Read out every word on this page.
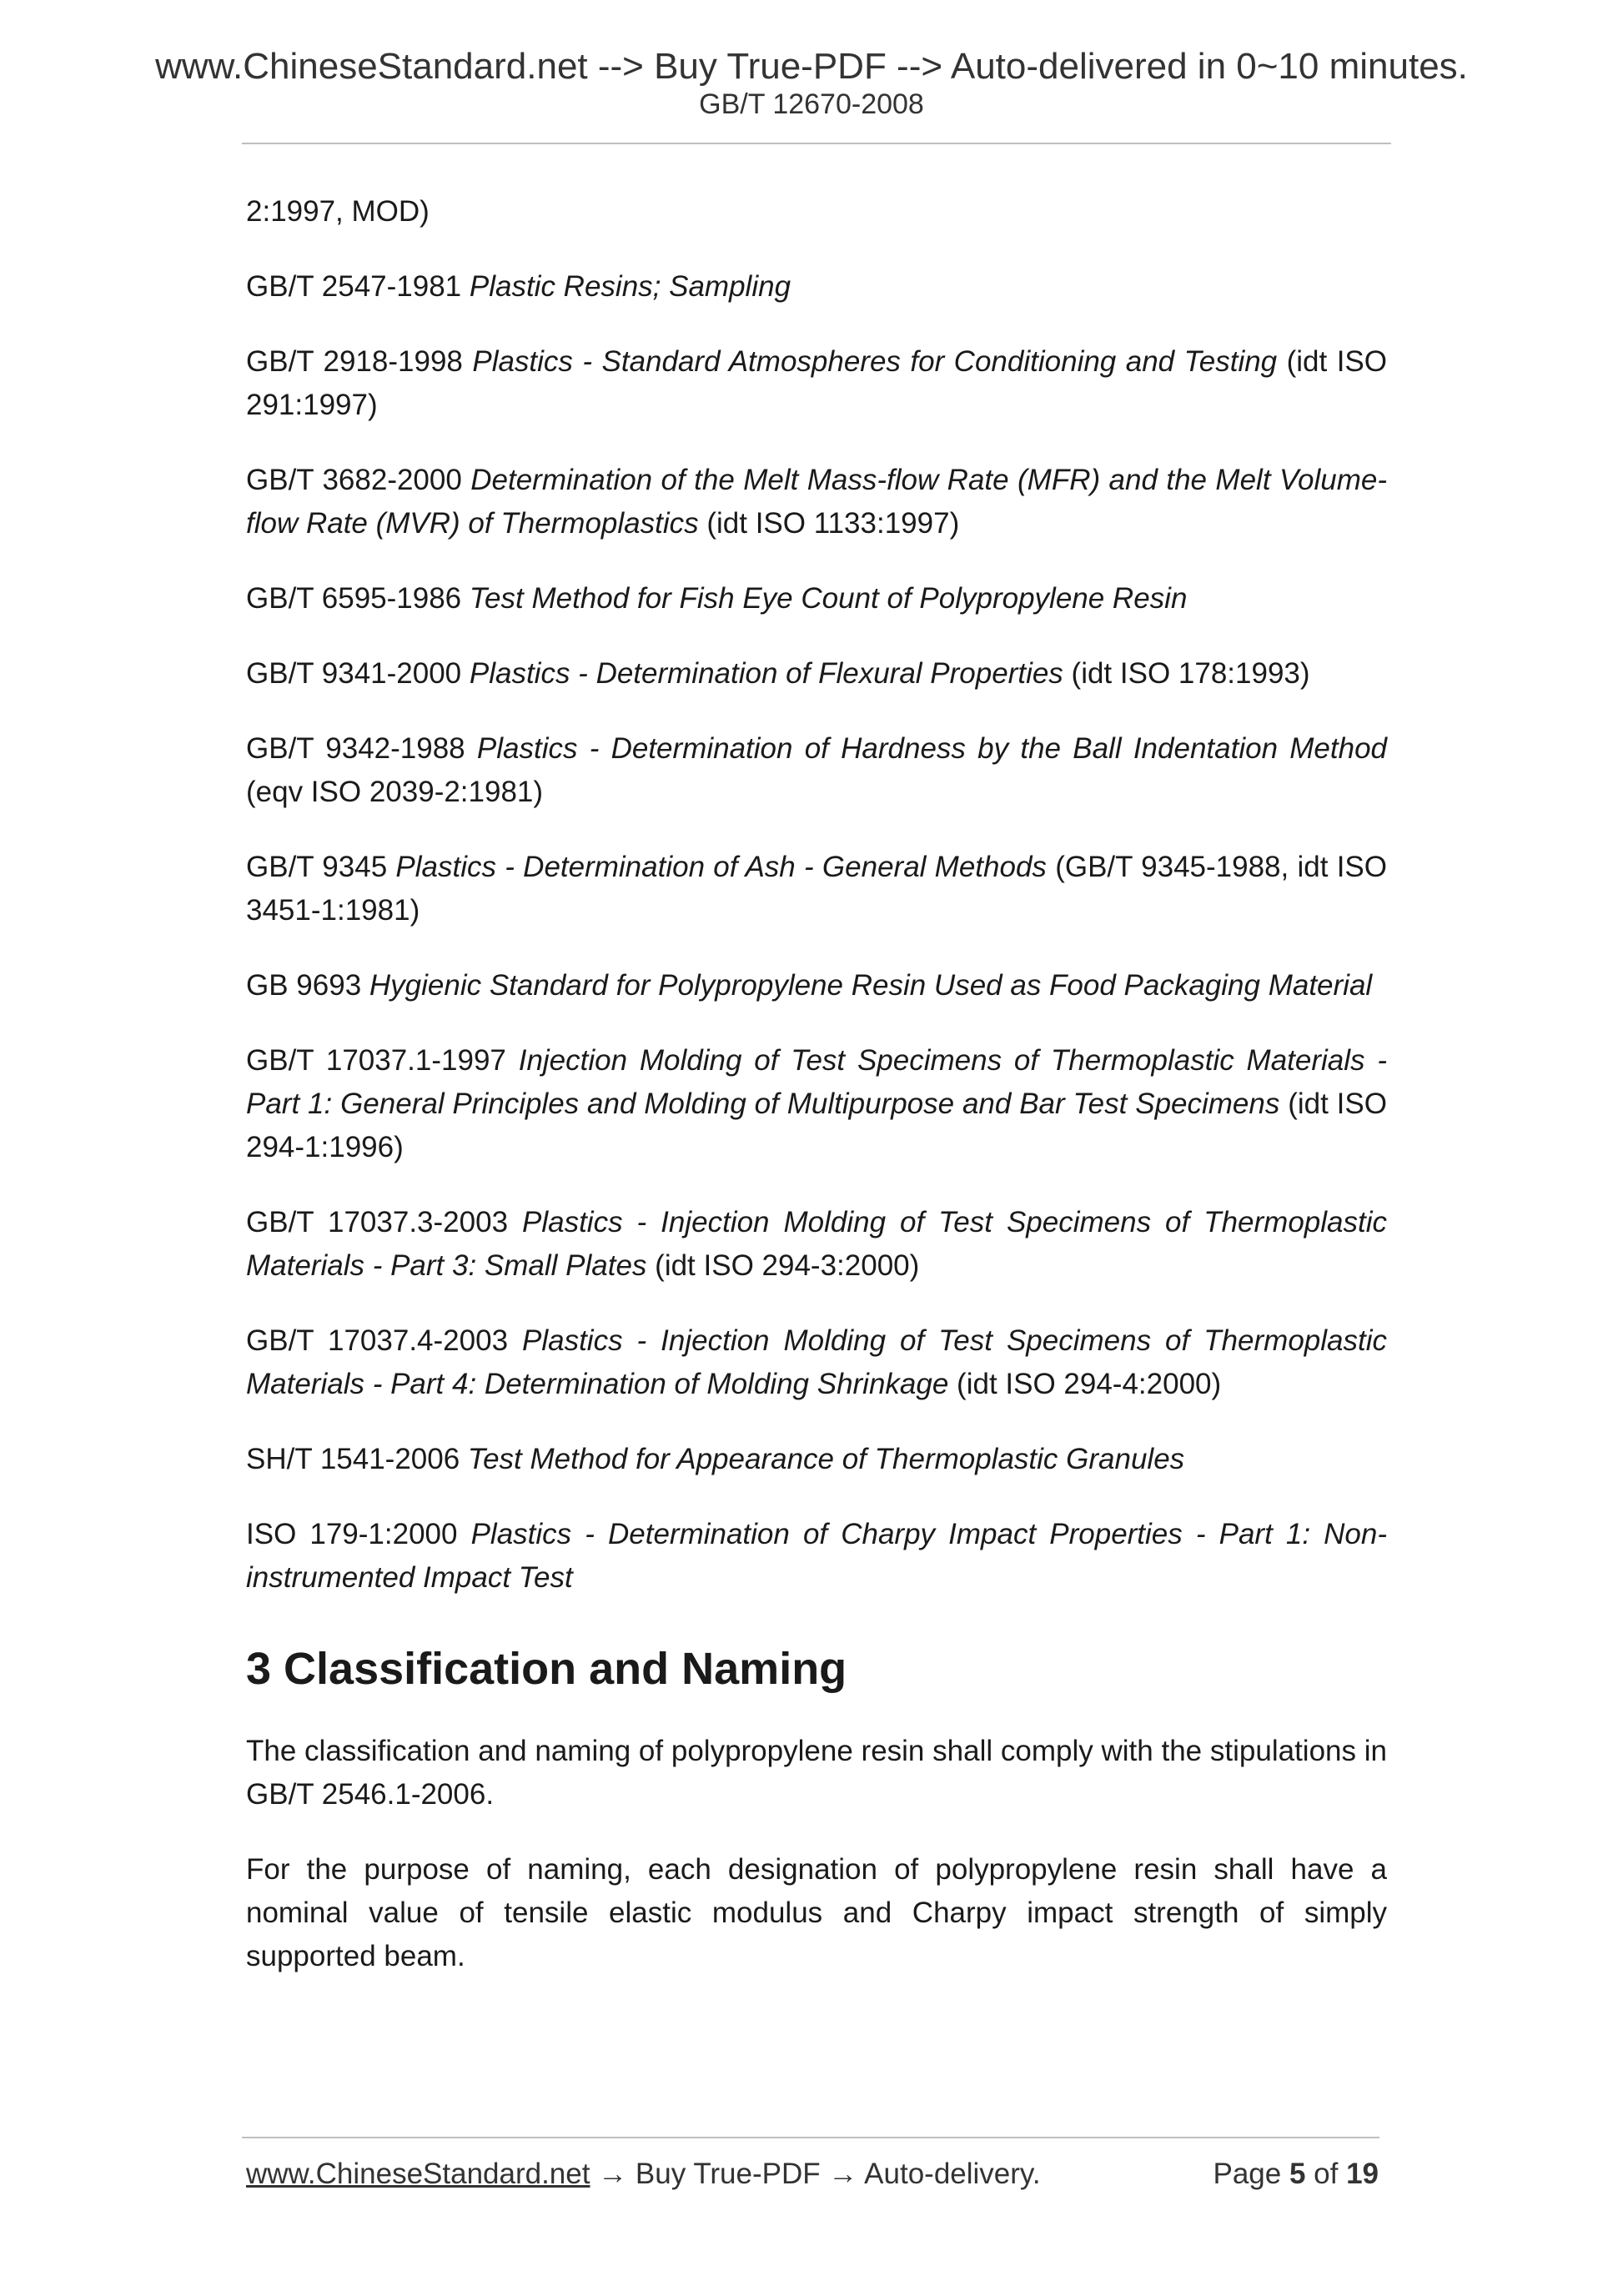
www.ChineseStandard.net --> Buy True-PDF --> Auto-delivered in 0~10 minutes.
GB/T 12670-2008

2:1997, MOD)

GB/T 2547-1981 Plastic Resins; Sampling

GB/T 2918-1998 Plastics - Standard Atmospheres for Conditioning and Testing (idt ISO 291:1997)

GB/T 3682-2000 Determination of the Melt Mass-flow Rate (MFR) and the Melt Volume-flow Rate (MVR) of Thermoplastics (idt ISO 1133:1997)

GB/T 6595-1986 Test Method for Fish Eye Count of Polypropylene Resin

GB/T 9341-2000 Plastics - Determination of Flexural Properties (idt ISO 178:1993)

GB/T 9342-1988 Plastics - Determination of Hardness by the Ball Indentation Method (eqv ISO 2039-2:1981)

GB/T 9345 Plastics - Determination of Ash - General Methods (GB/T 9345-1988, idt ISO 3451-1:1981)

GB 9693 Hygienic Standard for Polypropylene Resin Used as Food Packaging Material

GB/T 17037.1-1997 Injection Molding of Test Specimens of Thermoplastic Materials - Part 1: General Principles and Molding of Multipurpose and Bar Test Specimens (idt ISO 294-1:1996)

GB/T 17037.3-2003 Plastics - Injection Molding of Test Specimens of Thermoplastic Materials - Part 3: Small Plates (idt ISO 294-3:2000)

GB/T 17037.4-2003 Plastics - Injection Molding of Test Specimens of Thermoplastic Materials - Part 4: Determination of Molding Shrinkage (idt ISO 294-4:2000)

SH/T 1541-2006 Test Method for Appearance of Thermoplastic Granules

ISO 179-1:2000 Plastics - Determination of Charpy Impact Properties - Part 1: Non-instrumented Impact Test

3 Classification and Naming

The classification and naming of polypropylene resin shall comply with the stipulations in GB/T 2546.1-2006.

For the purpose of naming, each designation of polypropylene resin shall have a nominal value of tensile elastic modulus and Charpy impact strength of simply supported beam.

www.ChineseStandard.net → Buy True-PDF → Auto-delivery.	Page 5 of 19
